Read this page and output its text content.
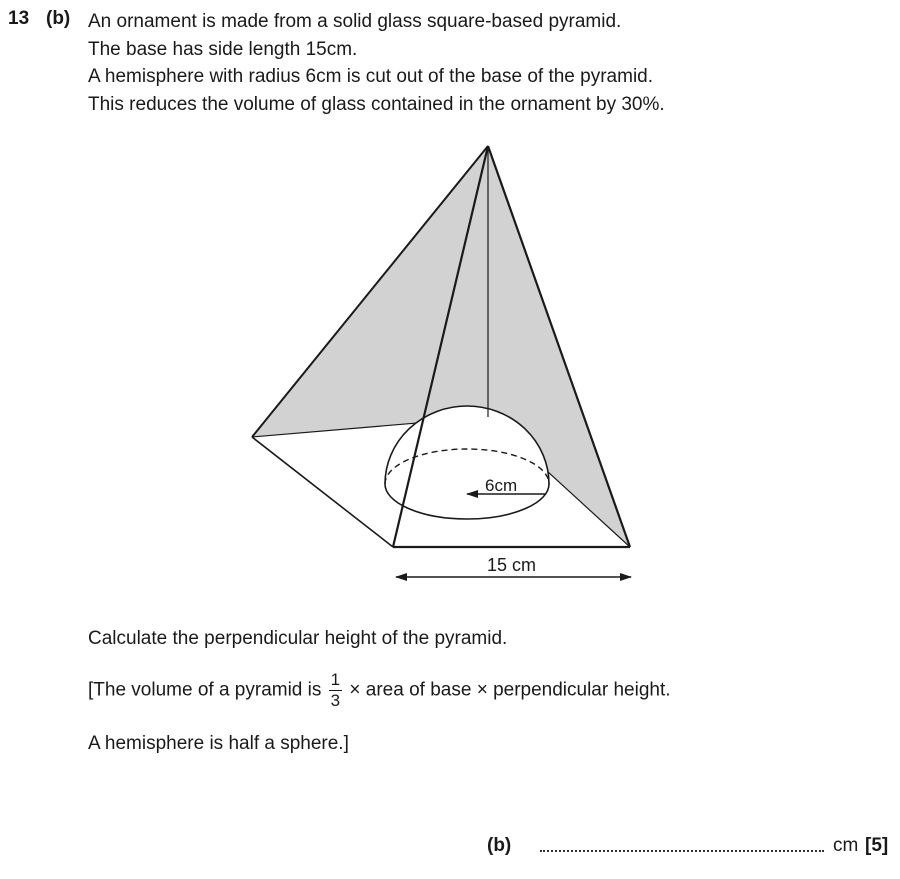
13 (b) An ornament is made from a solid glass square-based pyramid.
The base has side length 15cm.
A hemisphere with radius 6cm is cut out of the base of the pyramid.
This reduces the volume of glass contained in the ornament by 30%.
6cm
15 cm
Calculate the perpendicular height of the pyramid.
[The volume of a pyramid is $\frac{1}{3}$ × area of base × perpendicular height.
A hemisphere is half a sphere.]
(b)	cm [5]
